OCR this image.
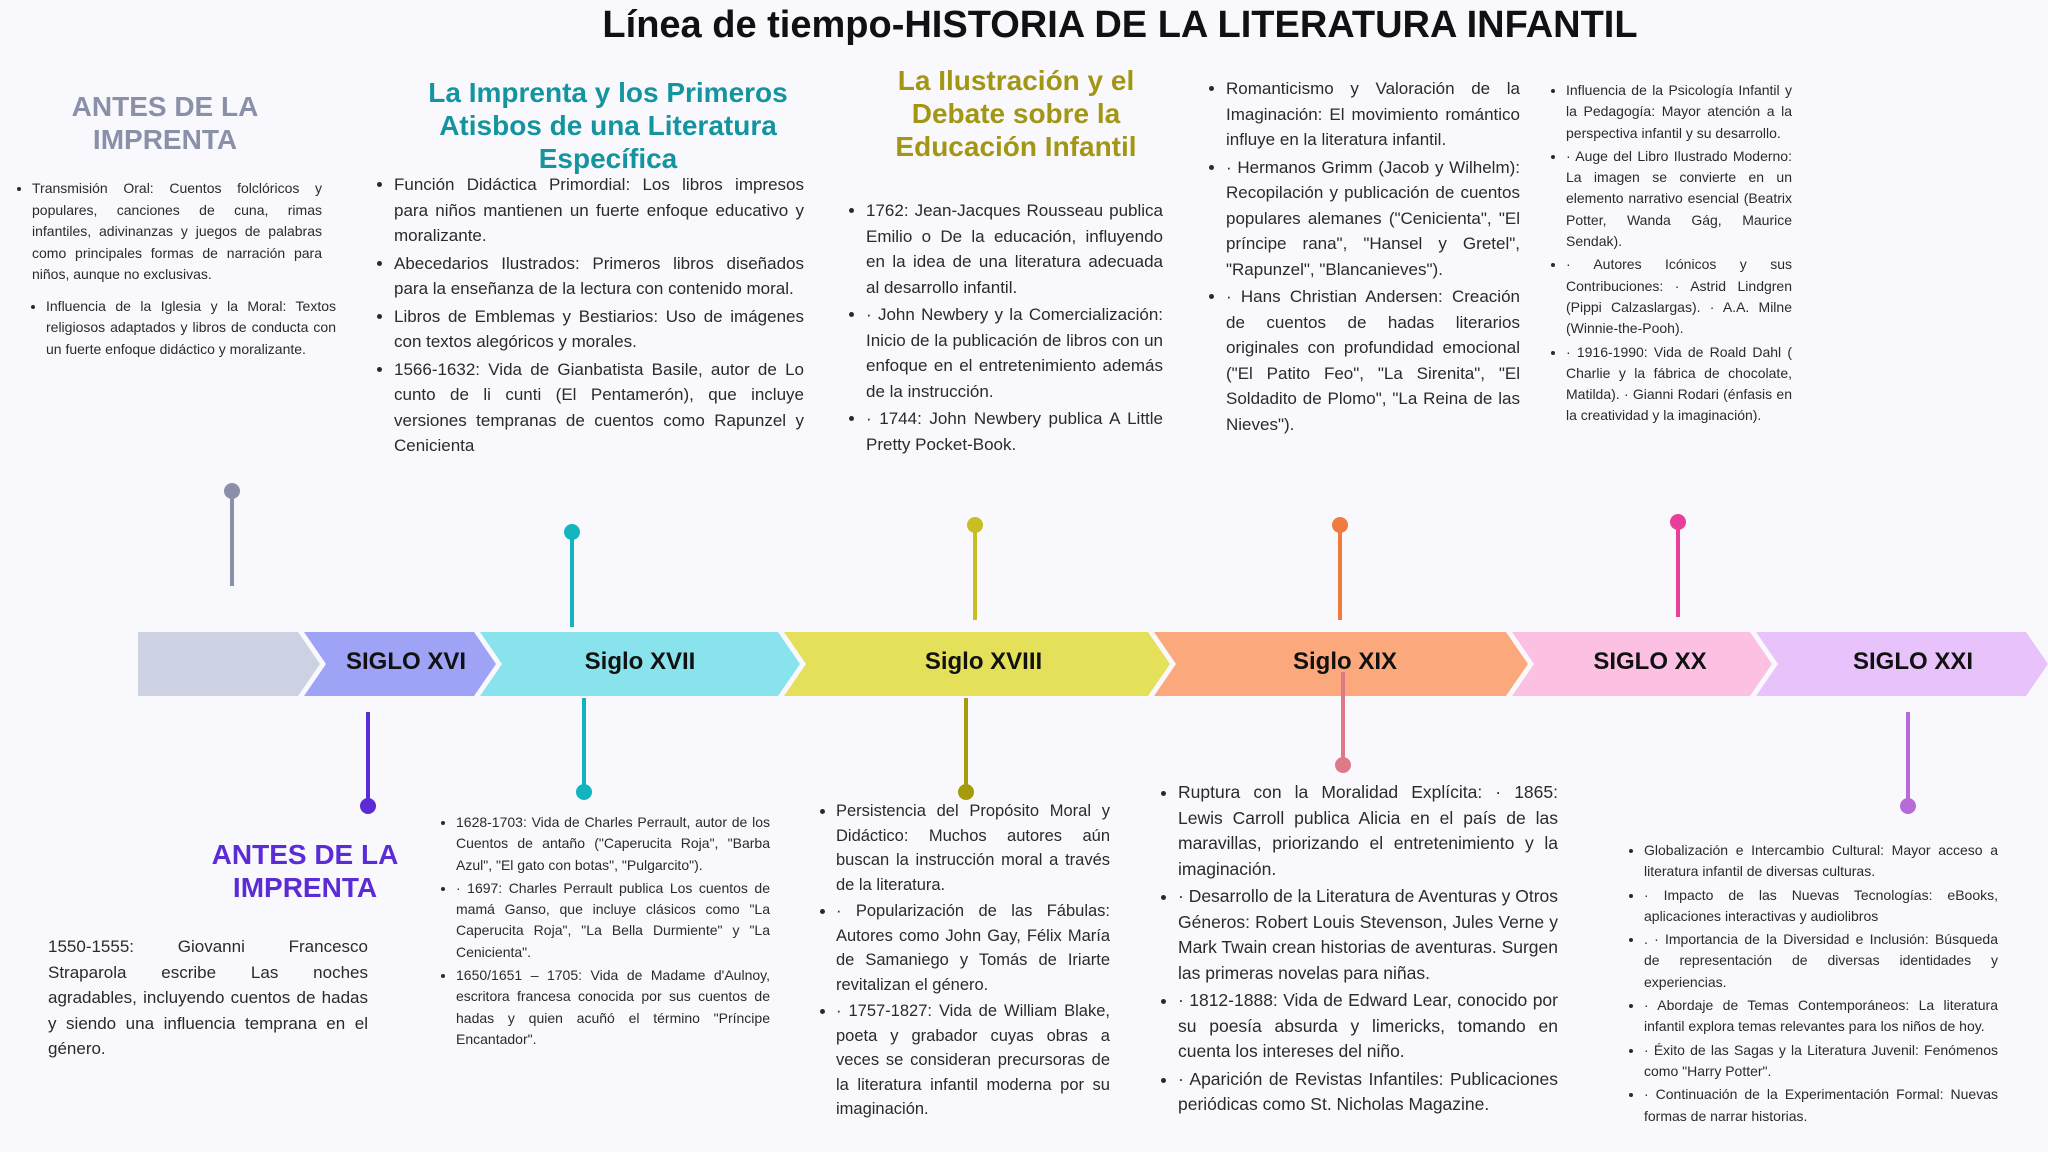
Línea de tiempo-HISTORIA DE LA LITERATURA INFANTIL
SIGLO XVI	Siglo XVII	Siglo XVIII	Siglo XIX	SIGLO XX	SIGLO XXI
ANTES DE LA IMPRENTA
• Transmisión Oral: Cuentos folclóricos y populares, canciones de cuna, rimas infantiles, adivinanzas y juegos de palabras como principales formas de narración para niños, aunque no exclusivas.
• Influencia de la Iglesia y la Moral: Textos religiosos adaptados y libros de conducta con un fuerte enfoque didáctico y moralizante.
La Imprenta y los Primeros Atisbos de una Literatura Específica
• Función Didáctica Primordial: Los libros impresos para niños mantienen un fuerte enfoque educativo y moralizante.
• Abecedarios Ilustrados: Primeros libros diseñados para la enseñanza de la lectura con contenido moral.
• Libros de Emblemas y Bestiarios: Uso de imágenes con textos alegóricos y morales.
• 1566-1632: Vida de Gianbatista Basile, autor de Lo cunto de li cunti (El Pentamerón), que incluye versiones tempranas de cuentos como Rapunzel y Cenicienta
La Ilustración y el Debate sobre la Educación Infantil
• 1762: Jean-Jacques Rousseau publica Emilio o De la educación, influyendo en la idea de una literatura adecuada al desarrollo infantil.
• · John Newbery y la Comercialización: Inicio de la publicación de libros con un enfoque en el entretenimiento además de la instrucción.
• · 1744: John Newbery publica A Little Pretty Pocket-Book.
• Romanticismo y Valoración de la Imaginación: El movimiento romántico influye en la literatura infantil.
• · Hermanos Grimm (Jacob y Wilhelm): Recopilación y publicación de cuentos populares alemanes ("Cenicienta", "El príncipe rana", "Hansel y Gretel", "Rapunzel", "Blancanieves").
• · Hans Christian Andersen: Creación de cuentos de hadas literarios originales con profundidad emocional ("El Patito Feo", "La Sirenita", "El Soldadito de Plomo", "La Reina de las Nieves").
• Influencia de la Psicología Infantil y la Pedagogía: Mayor atención a la perspectiva infantil y su desarrollo.
• · Auge del Libro Ilustrado Moderno: La imagen se convierte en un elemento narrativo esencial (Beatrix Potter, Wanda Gág, Maurice Sendak).
• · Autores Icónicos y sus Contribuciones: · Astrid Lindgren (Pippi Calzaslargas). · A.A. Milne (Winnie-the-Pooh).
• · 1916-1990: Vida de Roald Dahl ( Charlie y la fábrica de chocolate, Matilda). · Gianni Rodari (énfasis en la creatividad y la imaginación).
ANTES DE LA IMPRENTA

1550-1555: Giovanni Francesco Straparola escribe Las noches agradables, incluyendo cuentos de hadas y siendo una influencia temprana en el género.

• 1628-1703: Vida de Charles Perrault, autor de los Cuentos de antaño ("Caperucita Roja", "Barba Azul", "El gato con botas", "Pulgarcito").
• · 1697: Charles Perrault publica Los cuentos de mamá Ganso, que incluye clásicos como "La Caperucita Roja", "La Bella Durmiente" y "La Cenicienta".
• 1650/1651 – 1705: Vida de Madame d'Aulnoy, escritora francesa conocida por sus cuentos de hadas y quien acuñó el término "Príncipe Encantador".
• Persistencia del Propósito Moral y Didáctico: Muchos autores aún buscan la instrucción moral a través de la literatura.
• · Popularización de las Fábulas: Autores como John Gay, Félix María de Samaniego y Tomás de Iriarte revitalizan el género.
• · 1757-1827: Vida de William Blake, poeta y grabador cuyas obras a veces se consideran precursoras de la literatura infantil moderna por su imaginación.
• Ruptura con la Moralidad Explícita: · 1865: Lewis Carroll publica Alicia en el país de las maravillas, priorizando el entretenimiento y la imaginación.
• · Desarrollo de la Literatura de Aventuras y Otros Géneros: Robert Louis Stevenson, Jules Verne y Mark Twain crean historias de aventuras. Surgen las primeras novelas para niñas.
• · 1812-1888: Vida de Edward Lear, conocido por su poesía absurda y limericks, tomando en cuenta los intereses del niño.
• · Aparición de Revistas Infantiles: Publicaciones periódicas como St. Nicholas Magazine.
• Globalización e Intercambio Cultural: Mayor acceso a literatura infantil de diversas culturas.
• · Impacto de las Nuevas Tecnologías: eBooks, aplicaciones interactivas y audiolibros
• . · Importancia de la Diversidad e Inclusión: Búsqueda de representación de diversas identidades y experiencias.
• · Abordaje de Temas Contemporáneos: La literatura infantil explora temas relevantes para los niños de hoy.
• · Éxito de las Sagas y la Literatura Juvenil: Fenómenos como "Harry Potter".
• · Continuación de la Experimentación Formal: Nuevas formas de narrar historias.
